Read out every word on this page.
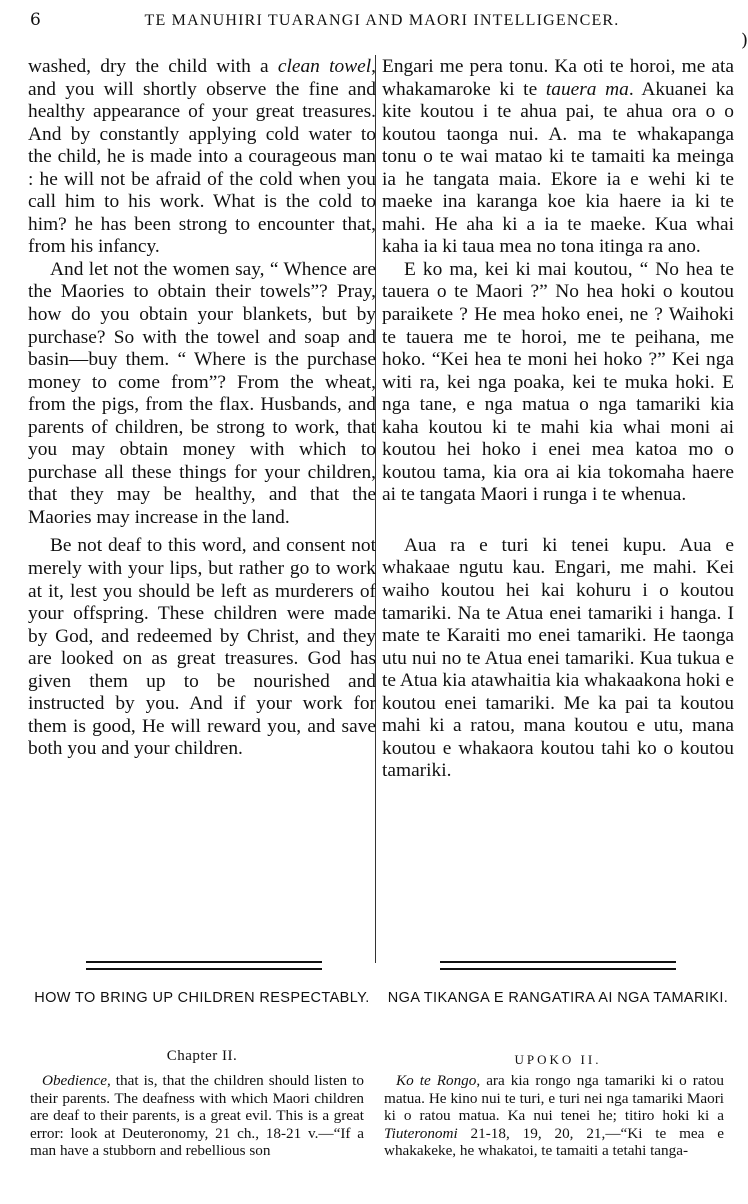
6	TE MANUHIRI TUARANGI AND MAORI INTELLIGENCER.
)

washed, dry the child with a clean towel, and you will shortly observe the fine and healthy appearance of your great treasures. And by constantly applying cold water to the child, he is made into a courageous man : he will not be afraid of the cold when you call him to his work. What is the cold to him? he has been strong to encounter that, from his infancy.

And let not the women say, “ Whence are the Maories to obtain their towels”? Pray, how do you obtain your blankets, but by purchase? So with the towel and soap and basin—buy them. “ Where is the purchase money to come from”? From the wheat, from the pigs, from the flax. Husbands, and parents of children, be strong to work, that you may obtain money with which to purchase all these things for your children, that they may be healthy, and that the Maories may increase in the land.

Be not deaf to this word, and consent not merely with your lips, but rather go to work at it, lest you should be left as murderers of your offspring. These children were made by God, and redeemed by Christ, and they are looked on as great treasures. God has given them up to be nourished and instructed by you. And if your work for them is good, He will reward you, and save both you and your children.

Engari me pera tonu. Ka oti te horoi, me ata whakamaroke ki te tauera ma. Akuanei ka kite koutou i te ahua pai, te ahua ora o o koutou taonga nui. A. ma te whakapanga tonu o te wai matao ki te tamaiti ka meinga ia he tangata maia. Ekore ia e wehi ki te maeke ina karanga koe kia haere ia ki te mahi. He aha ki a ia te maeke. Kua whai kaha ia ki taua mea no tona itinga ra ano.

E ko ma, kei ki mai koutou, “ No hea te tauera o te Maori ?” No hea hoki o koutou paraikete ? He mea hoko enei, ne ? Waihoki te tauera me te horoi, me te peihana, me hoko. “Kei hea te moni hei hoko ?” Kei nga witi ra, kei nga poaka, kei te muka hoki. E nga tane, e nga matua o nga tamariki kia kaha koutou ki te mahi kia whai moni ai koutou hei hoko i enei mea katoa mo o koutou tama, kia ora ai kia tokomaha haere ai te tangata Maori i runga i te whenua.

Aua ra e turi ki tenei kupu. Aua e whakaae ngutu kau. Engari, me mahi. Kei waiho koutou hei kai kohuru i o koutou tamariki. Na te Atua enei tamariki i hanga. I mate te Karaiti mo enei tamariki. He taonga utu nui no te Atua enei tamariki. Kua tukua e te Atua kia atawhaitia kia whakaakona hoki e koutou enei tamariki. Me ka pai ta koutou mahi ki a ratou, mana koutou e utu, mana koutou e whakaora koutou tahi ko o koutou tamariki.

HOW TO BRING UP CHILDREN RESPECTABLY.	NGA TIKANGA E RANGATIRA AI NGA TAMARIKI.
Chapter II.	UPOKO II.
Obedience, that is, that the children should listen to their parents. The deafness with which Maori children are deaf to their parents, is a great evil. This is a great error: look at Deuteronomy, 21 ch., 18-21 v.—“If a man have a stubborn and rebellious son
Ko te Rongo, ara kia rongo nga tamariki ki o ratou matua. He kino nui te turi, e turi nei nga tamariki Maori ki o ratou matua. Ka nui tenei he; titiro hoki ki a Tiuteronomi 21-18, 19, 20, 21,—“Ki te mea e whakakeke, he whakatoi, te tamaiti a tetahi tanga-
